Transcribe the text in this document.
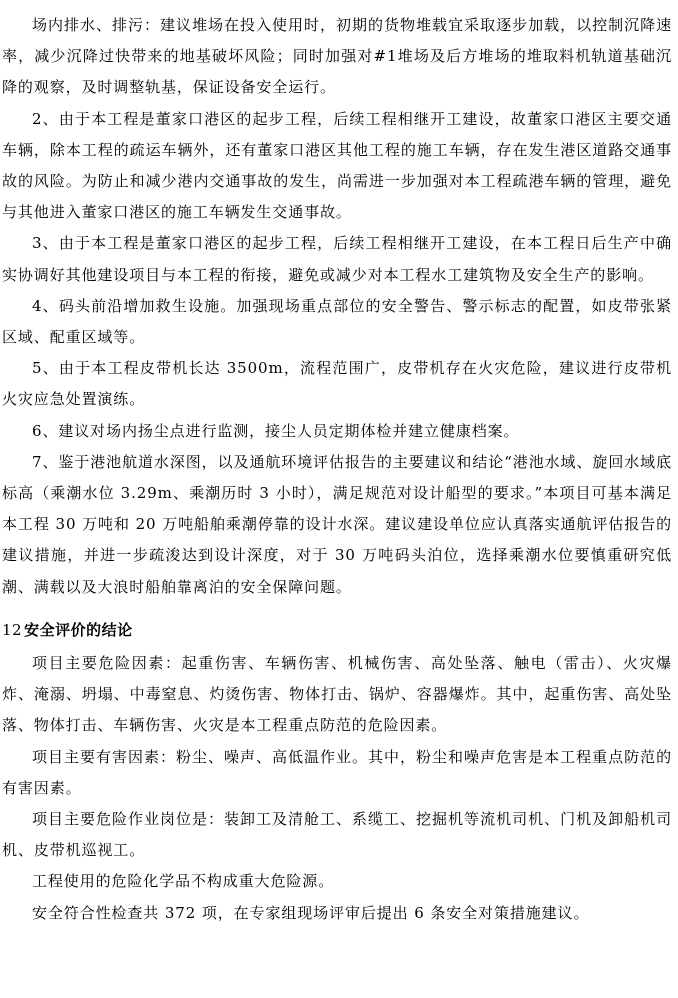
场内排水、排污：建议堆场在投入使用时，初期的货物堆载宜采取逐步加载，以控制沉降速率，减少沉降过快带来的地基破坏风险；同时加强对#1堆场及后方堆场的堆取料机轨道基础沉降的观察，及时调整轨基，保证设备安全运行。

2、由于本工程是董家口港区的起步工程，后续工程相继开工建设，故董家口港区主要交通车辆，除本工程的疏运车辆外，还有董家口港区其他工程的施工车辆，存在发生港区道路交通事故的风险。为防止和减少港内交通事故的发生，尚需进一步加强对本工程疏港车辆的管理，避免与其他进入董家口港区的施工车辆发生交通事故。

3、由于本工程是董家口港区的起步工程，后续工程相继开工建设，在本工程日后生产中确实协调好其他建设项目与本工程的衔接，避免或减少对本工程水工建筑物及安全生产的影响。

4、码头前沿增加救生设施。加强现场重点部位的安全警告、警示标志的配置，如皮带张紧区域、配重区域等。

5、由于本工程皮带机长达 3500m，流程范围广，皮带机存在火灾危险，建议进行皮带机火灾应急处置演练。

6、建议对场内扬尘点进行监测，接尘人员定期体检并建立健康档案。

7、鉴于港池航道水深图，以及通航环境评估报告的主要建议和结论“港池水域、旋回水域底标高（乘潮水位 3.29m、乘潮历时 3 小时），满足规范对设计船型的要求。”本项目可基本满足本工程 30 万吨和 20 万吨船舶乘潮停靠的设计水深。建议建设单位应认真落实通航评估报告的建议措施，并进一步疏浚达到设计深度，对于 30 万吨码头泊位，选择乘潮水位要慎重研究低潮、满载以及大浪时船舶靠离泊的安全保障问题。

12 安全评价的结论

项目主要危险因素：起重伤害、车辆伤害、机械伤害、高处坠落、触电（雷击）、火灾爆炸、淹溺、坍塌、中毒窒息、灼烫伤害、物体打击、锅炉、容器爆炸。其中，起重伤害、高处坠落、物体打击、车辆伤害、火灾是本工程重点防范的危险因素。

项目主要有害因素：粉尘、噪声、高低温作业。其中，粉尘和噪声危害是本工程重点防范的有害因素。

项目主要危险作业岗位是：装卸工及清舱工、系缆工、挖掘机等流机司机、门机及卸船机司机、皮带机巡视工。

工程使用的危险化学品不构成重大危险源。

安全符合性检查共 372 项，在专家组现场评审后提出 6 条安全对策措施建议。
